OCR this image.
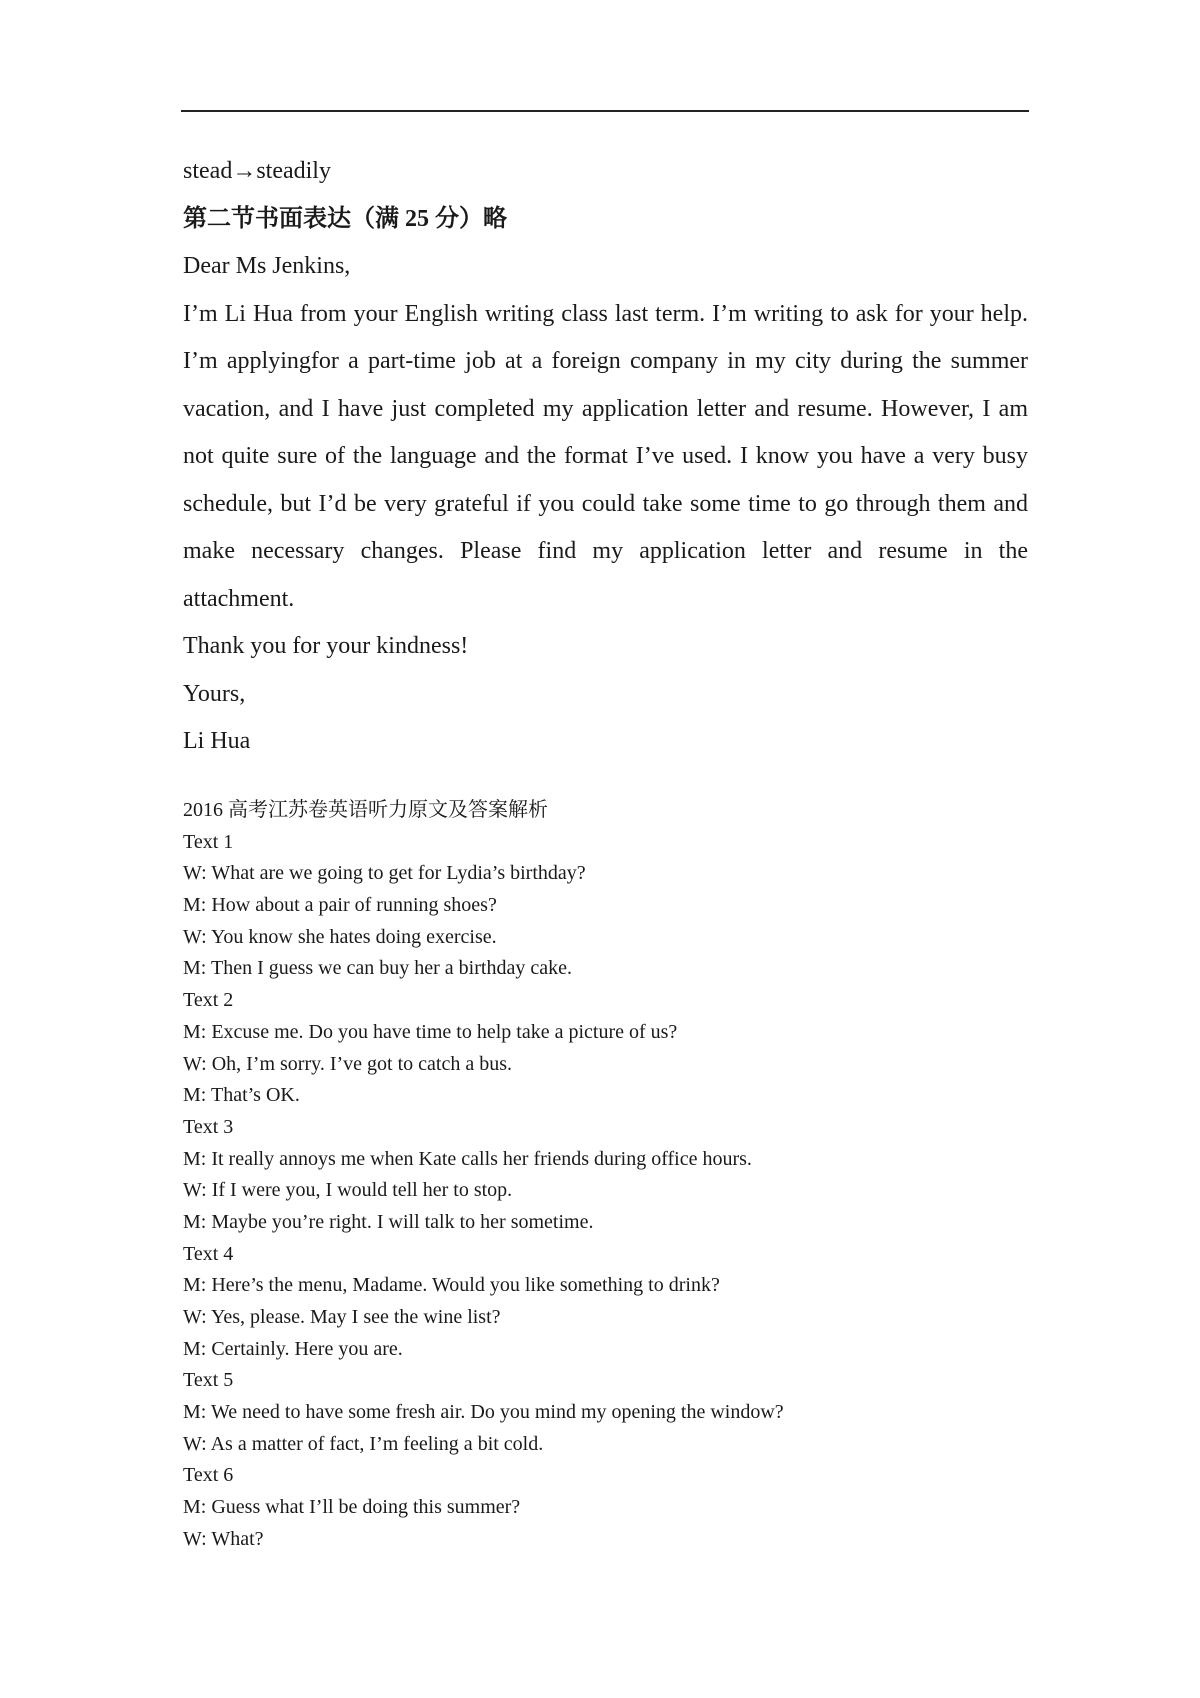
stead→steadily
第二节书面表达（满 25 分）略
Dear Ms Jenkins,
I’m Li Hua from your English writing class last term. I’m writing to ask for your help.
I’m applyingfor a part-time job at a foreign company in my city during the summer
vacation, and I have just completed my application letter and resume. However, I am
not quite sure of the language and the format I’ve used. I know you have a very busy
schedule, but I’d be very grateful if you could take some time to go through them and
make necessary changes. Please find my application letter and resume in the
attachment.
Thank you for your kindness!
Yours,
Li Hua
2016 高考江苏卷英语听力原文及答案解析
Text 1
W: What are we going to get for Lydia’s birthday?
M: How about a pair of running shoes?
W: You know she hates doing exercise.
M: Then I guess we can buy her a birthday cake.
Text 2
M: Excuse me. Do you have time to help take a picture of us?
W: Oh, I’m sorry. I’ve got to catch a bus.
M: That’s OK.
Text 3
M: It really annoys me when Kate calls her friends during office hours.
W: If I were you, I would tell her to stop.
M: Maybe you’re right. I will talk to her sometime.
Text 4
M: Here’s the menu, Madame. Would you like something to drink?
W: Yes, please. May I see the wine list?
M: Certainly. Here you are.
Text 5
M: We need to have some fresh air. Do you mind my opening the window?
W: As a matter of fact, I’m feeling a bit cold.
Text 6
M: Guess what I’ll be doing this summer?
W: What?
